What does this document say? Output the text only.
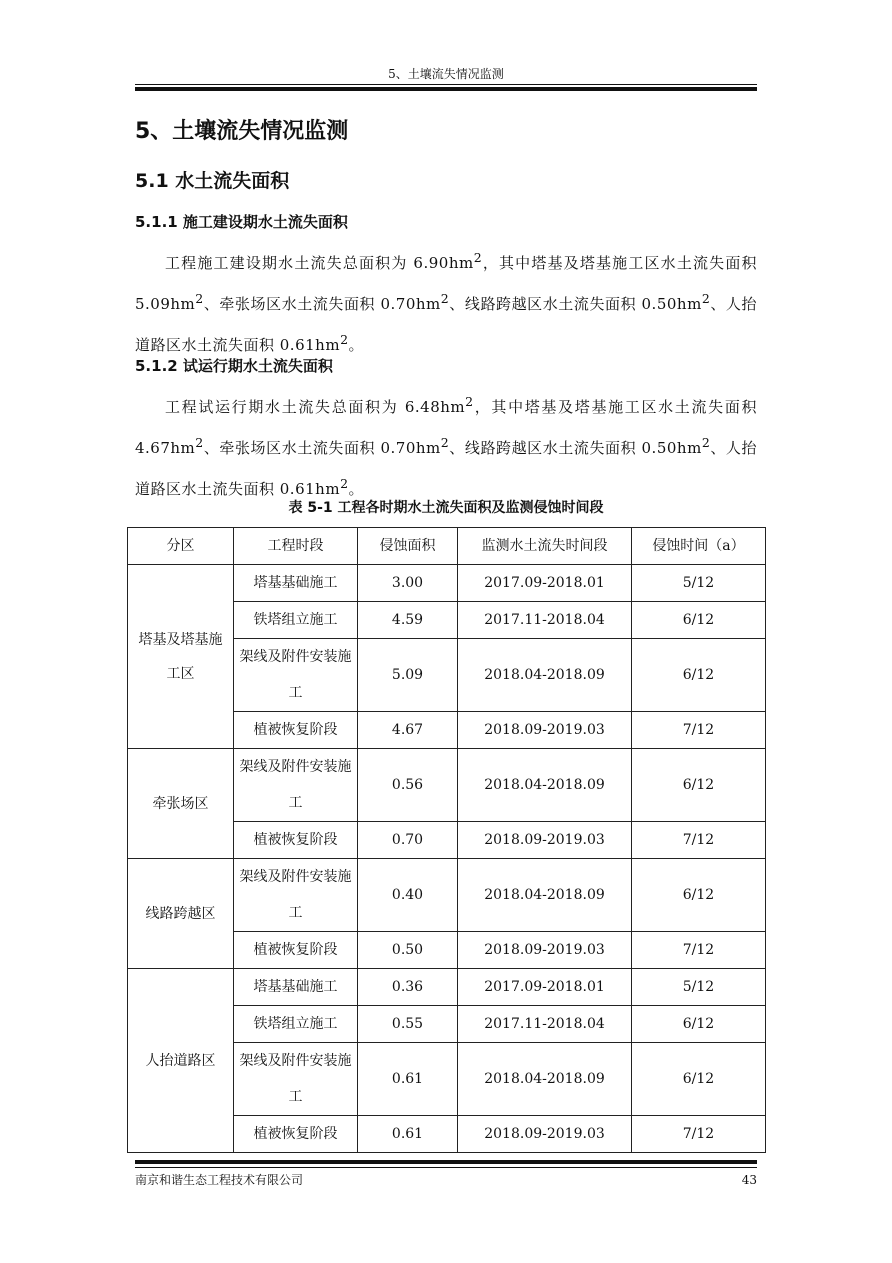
5、土壤流失情况监测
5、土壤流失情况监测
5.1 水土流失面积
5.1.1 施工建设期水土流失面积
工程施工建设期水土流失总面积为 $6.90hm^2$，其中塔基及塔基施工区水土流失面积 $5.09hm^2$、牵张场区水土流失面积 $0.70hm^2$、线路跨越区水土流失面积 $0.50hm^2$、人抬道路区水土流失面积 $0.61hm^2$。
5.1.2 试运行期水土流失面积
工程试运行期水土流失总面积为 $6.48hm^2$，其中塔基及塔基施工区水土流失面积 $4.67hm^2$、牵张场区水土流失面积 $0.70hm^2$、线路跨越区水土流失面积 $0.50hm^2$、人抬道路区水土流失面积 $0.61hm^2$。
表 5-1 工程各时期水土流失面积及监测侵蚀时间段
分区	工程时段	侵蚀面积	监测水土流失时间段	侵蚀时间（a）
塔基及塔基施工区	塔基基础施工	3.00	2017.09-2018.01	5/12
	铁塔组立施工	4.59	2017.11-2018.04	6/12
	架线及附件安装施工	5.09	2018.04-2018.09	6/12
	植被恢复阶段	4.67	2018.09-2019.03	7/12
牵张场区	架线及附件安装施工	0.56	2018.04-2018.09	6/12
	植被恢复阶段	0.70	2018.09-2019.03	7/12
线路跨越区	架线及附件安装施工	0.40	2018.04-2018.09	6/12
	植被恢复阶段	0.50	2018.09-2019.03	7/12
人抬道路区	塔基基础施工	0.36	2017.09-2018.01	5/12
	铁塔组立施工	0.55	2017.11-2018.04	6/12
	架线及附件安装施工	0.61	2018.04-2018.09	6/12
	植被恢复阶段	0.61	2018.09-2019.03	7/12
南京和谐生态工程技术有限公司	43
